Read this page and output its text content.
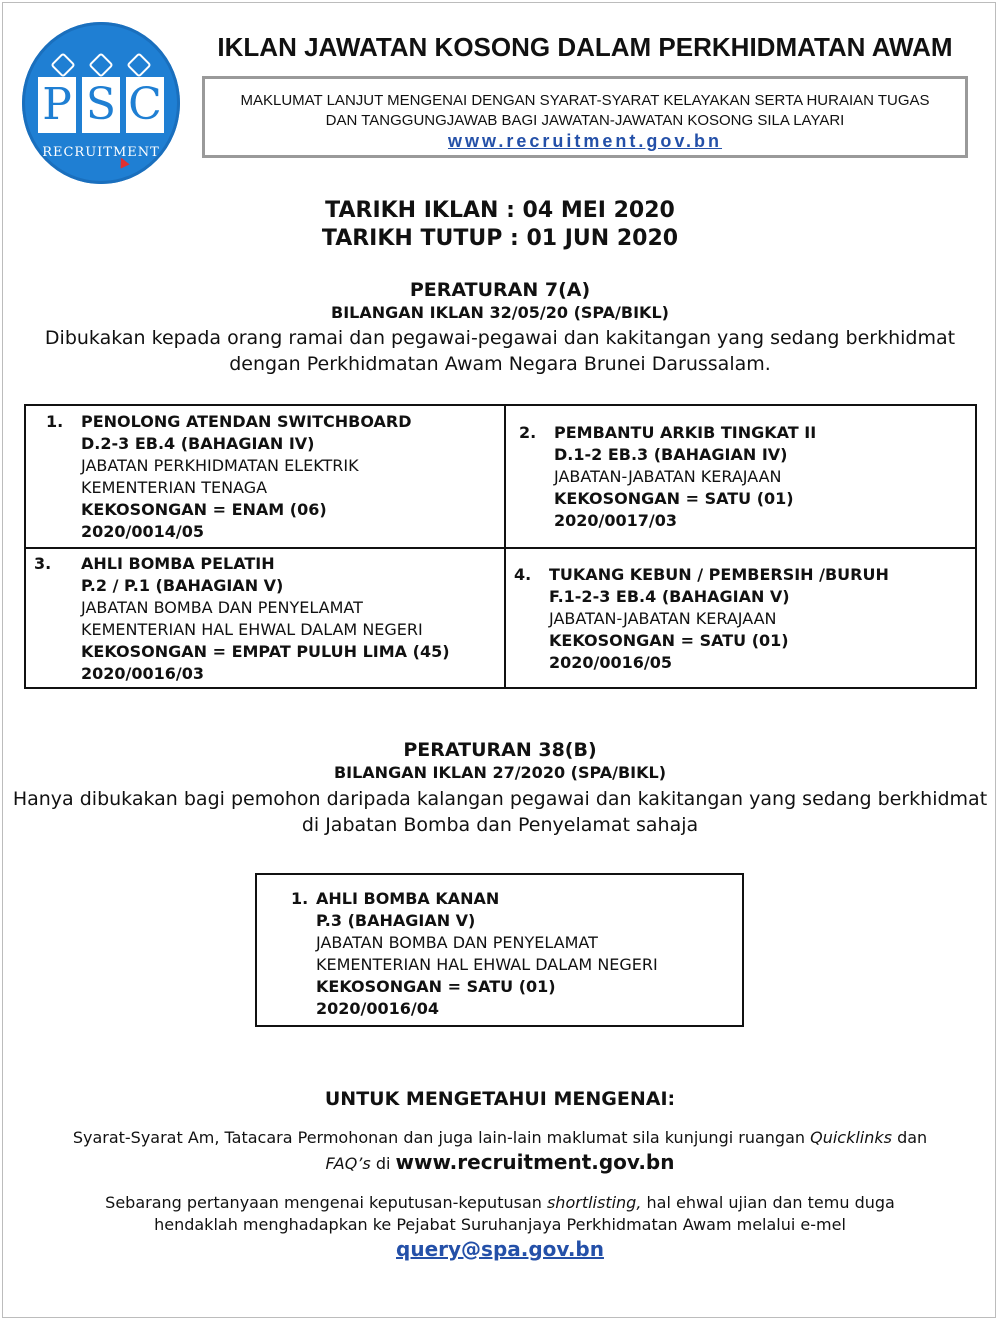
P S C
RECRUITMENT
IKLAN JAWATAN KOSONG DALAM PERKHIDMATAN AWAM
MAKLUMAT LANJUT MENGENAI DENGAN SYARAT-SYARAT KELAYAKAN SERTA HURAIAN TUGAS
DAN TANGGUNGJAWAB BAGI JAWATAN-JAWATAN KOSONG SILA LAYARI
www.recruitment.gov.bn
TARIKH IKLAN : 04 MEI 2020
TARIKH TUTUP : 01 JUN 2020
PERATURAN 7(A)
BILANGAN IKLAN 32/05/20 (SPA/BIKL)
Dibukakan kepada orang ramai dan pegawai-pegawai dan kakitangan yang sedang berkhidmat
dengan Perkhidmatan Awam Negara Brunei Darussalam.
1. PENOLONG ATENDAN SWITCHBOARD
D.2-3 EB.4 (BAHAGIAN IV)
JABATAN PERKHIDMATAN ELEKTRIK
KEMENTERIAN TENAGA
KEKOSONGAN = ENAM (06)
2020/0014/05
2. PEMBANTU ARKIB TINGKAT II
D.1-2 EB.3 (BAHAGIAN IV)
JABATAN-JABATAN KERAJAAN
KEKOSONGAN = SATU (01)
2020/0017/03
3. AHLI BOMBA PELATIH
P.2 / P.1 (BAHAGIAN V)
JABATAN BOMBA DAN PENYELAMAT
KEMENTERIAN HAL EHWAL DALAM NEGERI
KEKOSONGAN = EMPAT PULUH LIMA (45)
2020/0016/03
4. TUKANG KEBUN / PEMBERSIH /BURUH
F.1-2-3 EB.4 (BAHAGIAN V)
JABATAN-JABATAN KERAJAAN
KEKOSONGAN = SATU (01)
2020/0016/05
PERATURAN 38(B)
BILANGAN IKLAN 27/2020 (SPA/BIKL)
Hanya dibukakan bagi pemohon daripada kalangan pegawai dan kakitangan yang sedang berkhidmat
di Jabatan Bomba dan Penyelamat sahaja
1. AHLI BOMBA KANAN
P.3 (BAHAGIAN V)
JABATAN BOMBA DAN PENYELAMAT
KEMENTERIAN HAL EHWAL DALAM NEGERI
KEKOSONGAN = SATU (01)
2020/0016/04
UNTUK MENGETAHUI MENGENAI:
Syarat-Syarat Am, Tatacara Permohonan dan juga lain-lain maklumat sila kunjungi ruangan Quicklinks dan
FAQ’s di www.recruitment.gov.bn
Sebarang pertanyaan mengenai keputusan-keputusan shortlisting, hal ehwal ujian dan temu duga
hendaklah menghadapkan ke Pejabat Suruhanjaya Perkhidmatan Awam melalui e-mel
query@spa.gov.bn
